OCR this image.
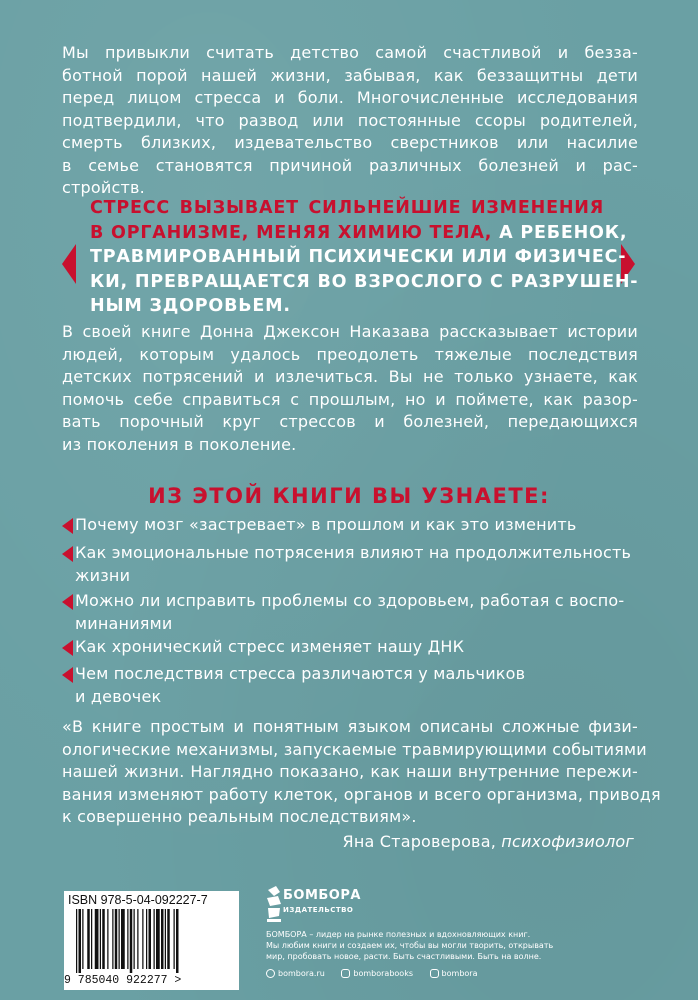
Мы привыкли считать детство самой счастливой и безза-
ботной порой нашей жизни, забывая, как беззащитны дети
перед лицом стресса и боли. Многочисленные исследования
подтвердили, что развод или постоянные ссоры родителей,
смерть близких, издевательство сверстников или насилие
в семье становятся причиной различных болезней и рас-
стройств.
СТРЕСС ВЫЗЫВАЕТ СИЛЬНЕЙШИЕ ИЗМЕНЕНИЯ
В ОРГАНИЗМЕ, МЕНЯЯ ХИМИЮ ТЕЛА, А РЕБЕНОК,
ТРАВМИРОВАННЫЙ ПСИХИЧЕСКИ ИЛИ ФИЗИЧЕС-
КИ, ПРЕВРАЩАЕТСЯ ВО ВЗРОСЛОГО С РАЗРУШЕН-
НЫМ ЗДОРОВЬЕМ.
В своей книге Донна Джексон Наказава рассказывает истории
людей, которым удалось преодолеть тяжелые последствия
детских потрясений и излечиться. Вы не только узнаете, как
помочь себе справиться с прошлым, но и поймете, как разор-
вать порочный круг стрессов и болезней, передающихся
из поколения в поколение.
ИЗ ЭТОЙ КНИГИ ВЫ УЗНАЕТЕ:
Почему мозг «застревает» в прошлом и как это изменить
Как эмоциональные потрясения влияют на продолжительность
жизни
Можно ли исправить проблемы со здоровьем, работая с воспо-
минаниями
Как хронический стресс изменяет нашу ДНК
Чем последствия стресса различаются у мальчиков
и девочек
«В книге простым и понятным языком описаны сложные физи-
ологические механизмы, запускаемые травмирующими событиями
нашей жизни. Наглядно показано, как наши внутренние пережи-
вания изменяют работу клеток, органов и всего организма, приводя
к совершенно реальным последствиям».
Яна Староверова, психофизиолог
ISBN 978-5-04-092227-7
9 785040 922277 >
БОМБОРА
ИЗДАТЕЛЬСТВО
БОМБОРА – лидер на рынке полезных и вдохновляющих книг.
Мы любим книги и создаем их, чтобы вы могли творить, открывать
мир, пробовать новое, расти. Быть счастливыми. Быть на волне.
bombora.ru	bomborabooks	bombora
